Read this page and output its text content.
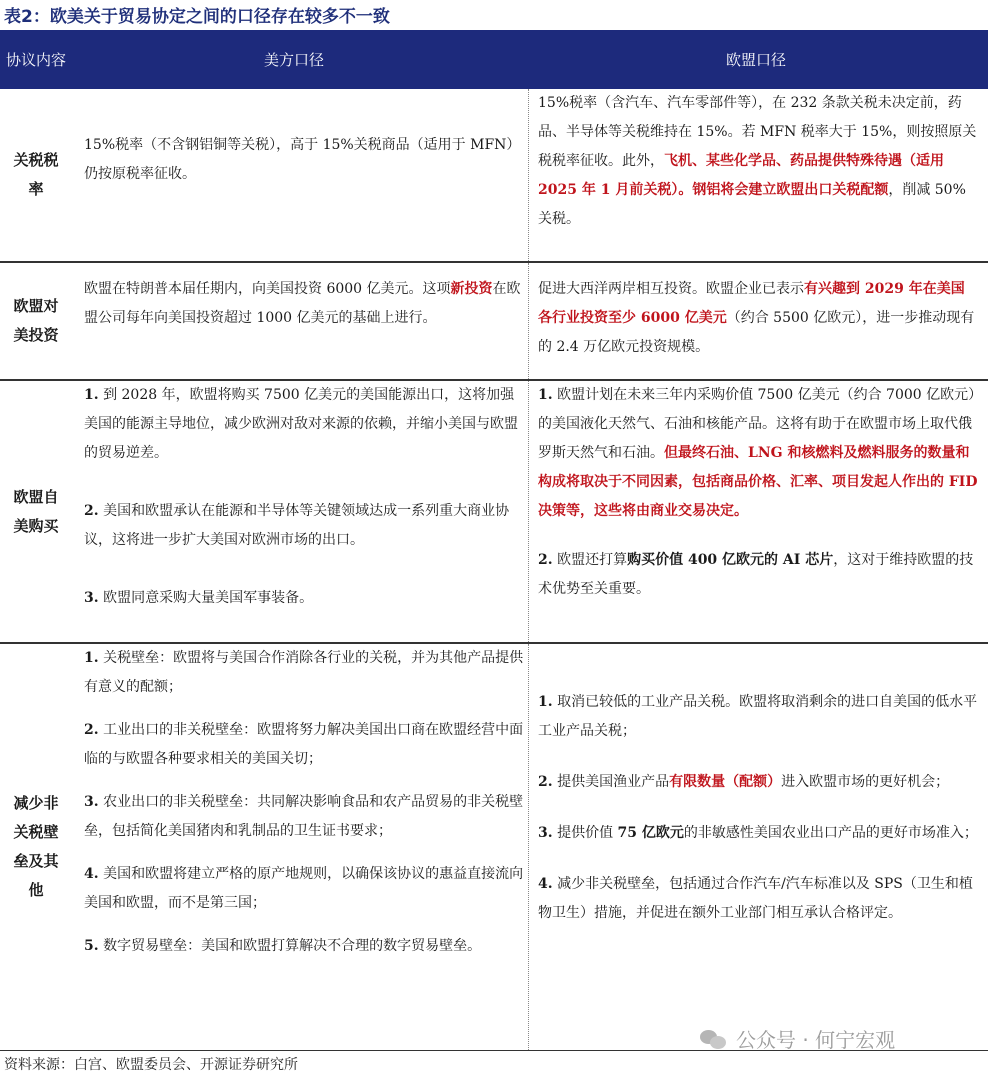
表2：欧美关于贸易协定之间的口径存在较多不一致
协议内容	美方口径	欧盟口径
关税税率

15%税率（不含钢铝铜等关税），高于 15%关税商品（适用于 MFN）仍按原税率征收。

15%税率（含汽车、汽车零部件等），在 232 条款关税未决定前，药品、半导体等关税维持在 15%。若 MFN 税率大于 15%，则按照原关税税率征收。此外，飞机、某些化学品、药品提供特殊待遇（适用 2025 年 1 月前关税）。钢铝将会建立欧盟出口关税配额，削减 50%关税。

欧盟对美投资

欧盟在特朗普本届任期内，向美国投资 6000 亿美元。这项新投资在欧盟公司每年向美国投资超过 1000 亿美元的基础上进行。

促进大西洋两岸相互投资。欧盟企业已表示有兴趣到 2029 年在美国各行业投资至少 6000 亿美元（约合 5500 亿欧元），进一步推动现有的 2.4 万亿欧元投资规模。

欧盟自美购买

1. 到 2028 年，欧盟将购买 7500 亿美元的美国能源出口，这将加强美国的能源主导地位，减少欧洲对敌对来源的依赖，并缩小美国与欧盟的贸易逆差。

2. 美国和欧盟承认在能源和半导体等关键领域达成一系列重大商业协议，这将进一步扩大美国对欧洲市场的出口。

3. 欧盟同意采购大量美国军事装备。

1. 欧盟计划在未来三年内采购价值 7500 亿美元（约合 7000 亿欧元）的美国液化天然气、石油和核能产品。这将有助于在欧盟市场上取代俄罗斯天然气和石油。但最终石油、LNG 和核燃料及燃料服务的数量和构成将取决于不同因素，包括商品价格、汇率、项目发起人作出的 FID 决策等，这些将由商业交易决定。

2. 欧盟还打算购买价值 400 亿欧元的 AI 芯片，这对于维持欧盟的技术优势至关重要。

减少非关税壁垒及其他

1. 关税壁垒：欧盟将与美国合作消除各行业的关税，并为其他产品提供有意义的配额；

2. 工业出口的非关税壁垒：欧盟将努力解决美国出口商在欧盟经营中面临的与欧盟各种要求相关的美国关切；

3. 农业出口的非关税壁垒：共同解决影响食品和农产品贸易的非关税壁垒，包括简化美国猪肉和乳制品的卫生证书要求；

4. 美国和欧盟将建立严格的原产地规则，以确保该协议的惠益直接流向美国和欧盟，而不是第三国；

5. 数字贸易壁垒：美国和欧盟打算解决不合理的数字贸易壁垒。

1. 取消已较低的工业产品关税。欧盟将取消剩余的进口自美国的低水平工业产品关税；

2. 提供美国渔业产品有限数量（配额）进入欧盟市场的更好机会；

3. 提供价值 75 亿欧元的非敏感性美国农业出口产品的更好市场准入；

4. 减少非关税壁垒，包括通过合作汽车/汽车标准以及 SPS（卫生和植物卫生）措施，并促进在额外工业部门相互承认合格评定。

公众号 · 何宁宏观
资料来源：白宫、欧盟委员会、开源证券研究所
